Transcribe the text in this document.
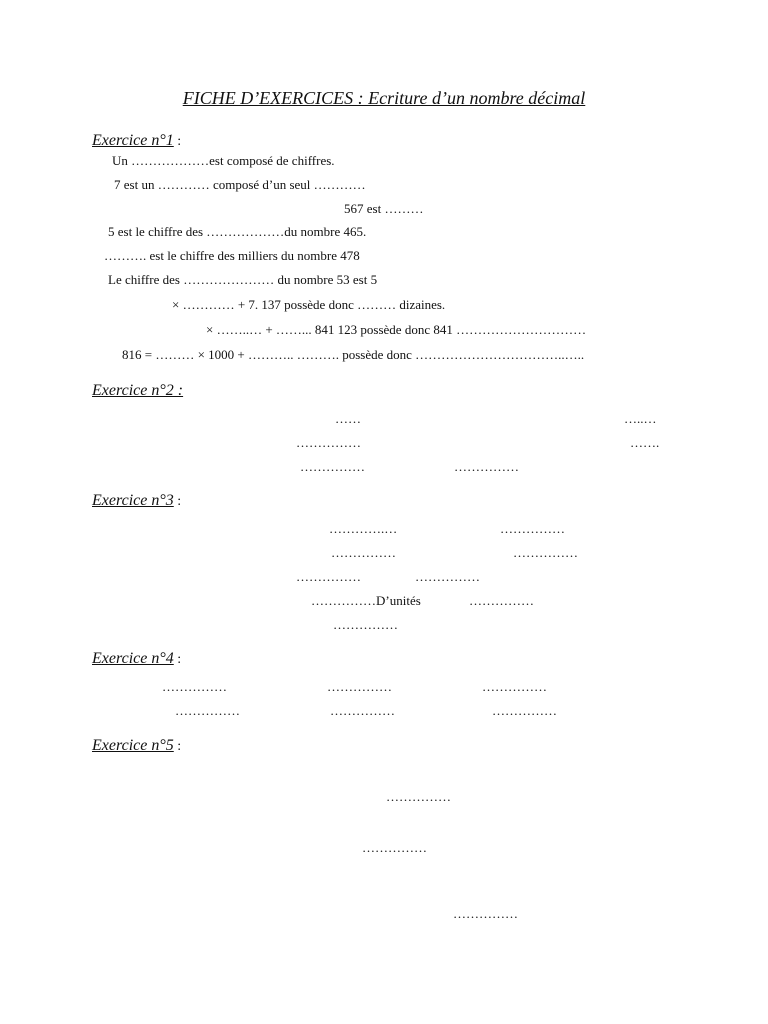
FICHE D’EXERCICES : Ecriture d’un nombre décimal
Exercice n°1 :
Un ………………est composé de chiffres.
7 est un ………… composé d’un seul …………
567 est ………
5 est le chiffre des ………………du nombre 465.
………. est le chiffre des milliers du nombre 478
Le chiffre des ………………… du nombre 53 est 5
× ………… + 7. 137 possède donc ……… dizaines.
× ……..… + ……... 841 123 possède donc 841 …………………………
816 = ……… × 1000 + ……….. ………. possède donc ……………………………..…..
Exercice n°2 :
……	…..…
……………	…….
……………	……………
Exercice n°3 :
………….…	……………
……………	……………
……………	……………
……………D’unités	……………
……………
Exercice n°4 :
……………	……………	……………
……………	……………	……………
Exercice n°5 :
……………
……………
……………
